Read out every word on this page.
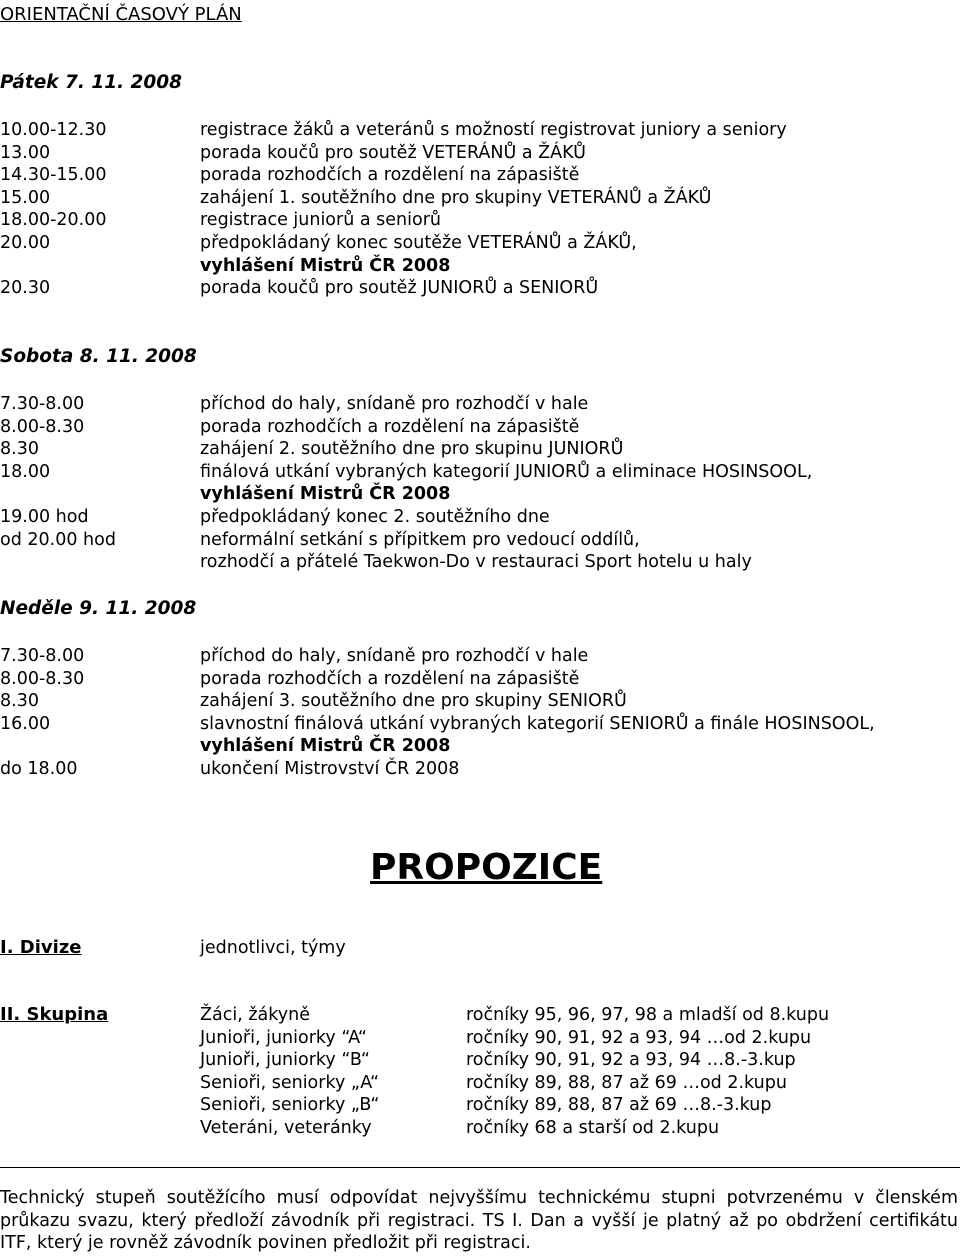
ORIENTAČNÍ ČASOVÝ PLÁN
Pátek 7. 11. 2008
10.00-12.30	registrace žáků a veteránů s možností registrovat juniory a seniory
13.00	porada koučů pro soutěž VETERÁNŮ a ŽÁKŮ
14.30-15.00	porada rozhodčích a rozdělení na zápasiště
15.00	zahájení 1. soutěžního dne pro skupiny VETERÁNŮ a ŽÁKŮ
18.00-20.00	registrace juniorů a seniorů
20.00	předpokládaný konec soutěže VETERÁNŮ a ŽÁKŮ,
vyhlášení Mistrů ČR 2008
20.30	porada koučů pro soutěž JUNIORŮ a SENIORŮ
Sobota 8. 11. 2008
7.30-8.00	příchod do haly, snídaně pro rozhodčí v hale
8.00-8.30	porada rozhodčích a rozdělení na zápasiště
8.30	zahájení 2. soutěžního dne pro skupinu JUNIORŮ
18.00	finálová utkání vybraných kategorií JUNIORŮ a eliminace HOSINSOOL,
vyhlášení Mistrů ČR 2008
19.00 hod	předpokládaný konec 2. soutěžního dne
od 20.00 hod	neformální setkání s přípitkem pro vedoucí oddílů,
rozhodčí a přátelé Taekwon-Do v restauraci Sport hotelu u haly
Neděle 9. 11. 2008
7.30-8.00	příchod do haly, snídaně pro rozhodčí v hale
8.00-8.30	porada rozhodčích a rozdělení na zápasiště
8.30	zahájení 3. soutěžního dne pro skupiny SENIORŮ
16.00	slavnostní finálová utkání vybraných kategorií SENIORŮ a finále HOSINSOOL,
vyhlášení Mistrů ČR 2008
do 18.00	ukončení Mistrovství ČR 2008
PROPOZICE
I. Divize	jednotlivci, týmy
II. Skupina	Žáci, žákyně	ročníky 95, 96, 97, 98 a mladší od 8.kupu
Junioři, juniorky “A“	ročníky 90, 91, 92 a 93, 94 …od 2.kupu
Junioři, juniorky “B“	ročníky 90, 91, 92 a 93, 94 …8.-3.kup
Senioři, seniorky „A“	ročníky 89, 88, 87 až 69 …od 2.kupu
Senioři, seniorky „B“	ročníky 89, 88, 87 až 69 …8.-3.kup
Veteráni, veteránky	ročníky 68 a starší od 2.kupu
Technický stupeň soutěžícího musí odpovídat nejvyššímu technickému stupni potvrzenému v členském průkazu svazu, který předloží závodník při registraci. TS I. Dan a vyšší je platný až po obdržení certifikátu ITF, který je rovněž závodník povinen předložit při registraci.
